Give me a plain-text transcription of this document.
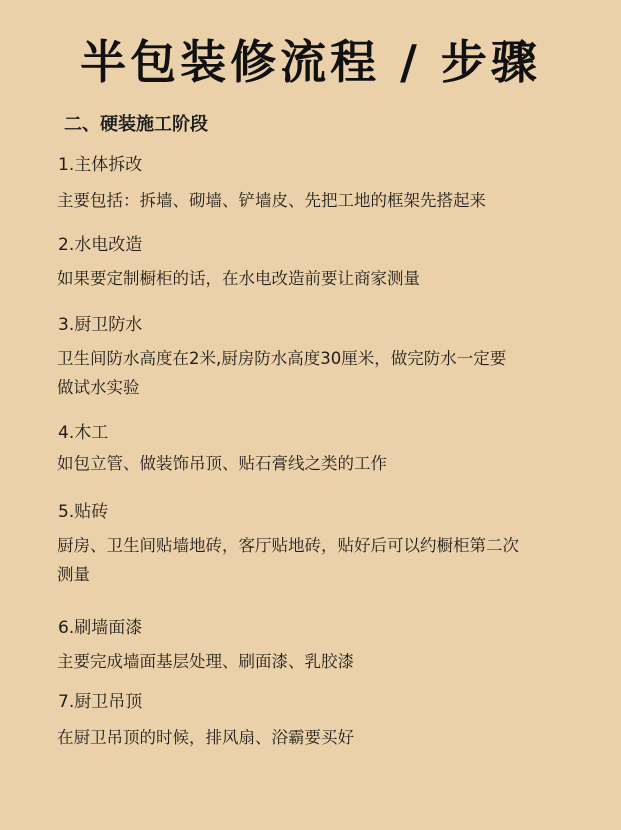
半包装修流程 / 步骤
二、硬装施工阶段
1.主体拆改
主要包括：拆墙、砌墙、铲墙皮、先把工地的框架先搭起来
2.水电改造
如果要定制橱柜的话，在水电改造前要让商家测量
3.厨卫防水
卫生间防水高度在2米,厨房防水高度30厘米，做完防水一定要
做试水实验
4.木工
如包立管、做装饰吊顶、贴石膏线之类的工作
5.贴砖
厨房、卫生间贴墙地砖，客厅贴地砖，贴好后可以约橱柜第二次
测量
6.刷墙面漆
主要完成墙面基层处理、刷面漆、乳胶漆
7.厨卫吊顶
在厨卫吊顶的时候，排风扇、浴霸要买好
